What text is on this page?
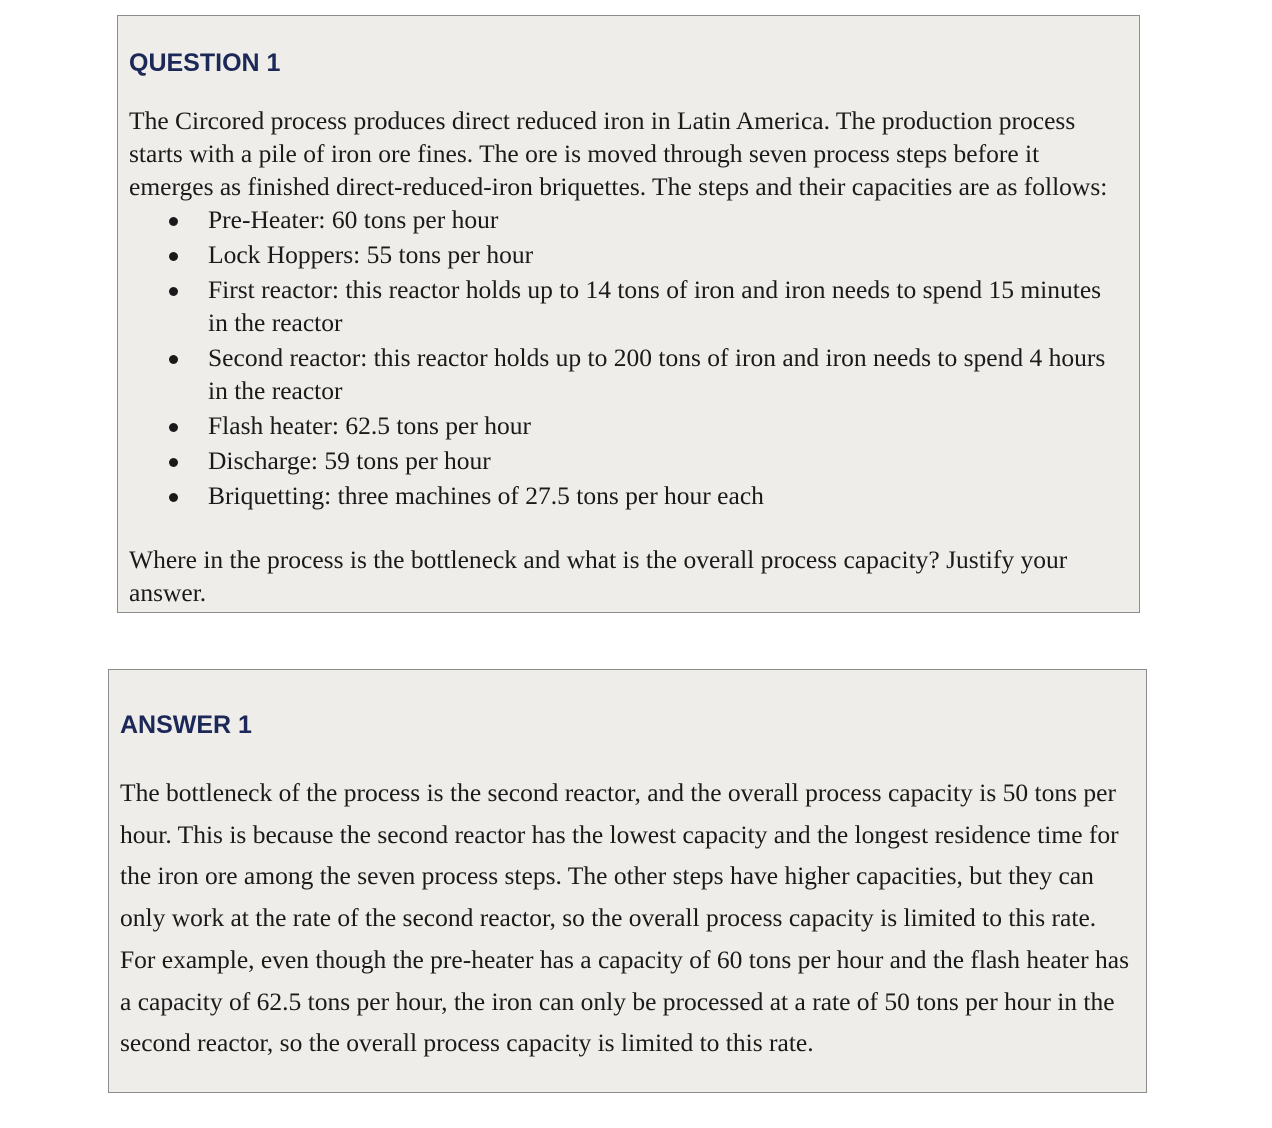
QUESTION 1

The Circored process produces direct reduced iron in Latin America. The production process starts with a pile of iron ore fines. The ore is moved through seven process steps before it emerges as finished direct-reduced-iron briquettes. The steps and their capacities are as follows:

Pre-Heater: 60 tons per hour
Lock Hoppers: 55 tons per hour
First reactor: this reactor holds up to 14 tons of iron and iron needs to spend 15 minutes in the reactor
Second reactor: this reactor holds up to 200 tons of iron and iron needs to spend 4 hours in the reactor
Flash heater: 62.5 tons per hour
Discharge: 59 tons per hour
Briquetting: three machines of 27.5 tons per hour each

Where in the process is the bottleneck and what is the overall process capacity? Justify your answer.

ANSWER 1

The bottleneck of the process is the second reactor, and the overall process capacity is 50 tons per hour. This is because the second reactor has the lowest capacity and the longest residence time for the iron ore among the seven process steps. The other steps have higher capacities, but they can only work at the rate of the second reactor, so the overall process capacity is limited to this rate. For example, even though the pre-heater has a capacity of 60 tons per hour and the flash heater has a capacity of 62.5 tons per hour, the iron can only be processed at a rate of 50 tons per hour in the second reactor, so the overall process capacity is limited to this rate.
